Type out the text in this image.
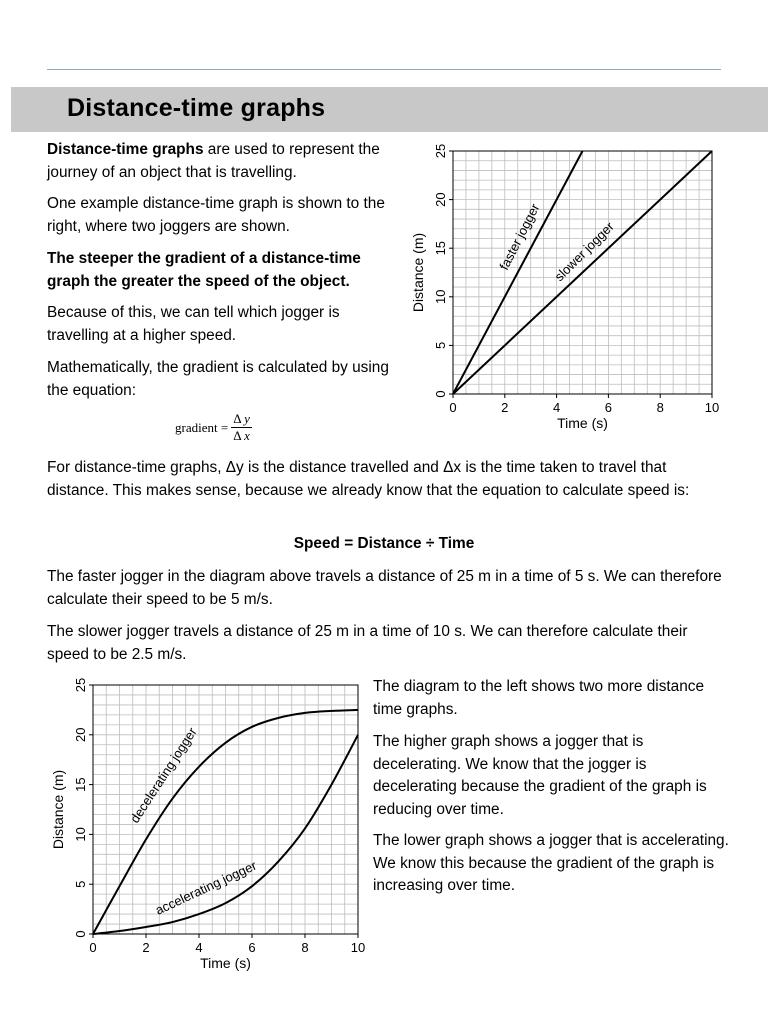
Distance-time graphs

Distance-time graphs are used to represent the journey of an object that is travelling.

One example distance-time graph is shown to the right, where two joggers are shown.

The steeper the gradient of a distance-time graph the greater the speed of the object.

Because of this, we can tell which jogger is travelling at a higher speed.

Mathematically, the gradient is calculated by using the equation:

gradient = $\frac{\text{Δ  y}}{\text{Δ  x}}$

For distance-time graphs, Δy is the distance travelled and Δx is the time taken to travel that distance. This makes sense, because we already know that the equation to calculate speed is:

Speed = Distance ÷ Time

The faster jogger in the diagram above travels a distance of 25 m in a time of 5 s. We can therefore calculate their speed to be 5 m/s.

The slower jogger travels a distance of 25 m in a time of 10 s. We can therefore calculate their speed to be 2.5 m/s.

The diagram to the left shows two more distance time graphs.

The higher graph shows a jogger that is decelerating. We know that the jogger is decelerating because the gradient of the graph is reducing over time.

The lower graph shows a jogger that is accelerating. We know this because the gradient of the graph is increasing over time.

0	2	4	6	8	10
0
5
10
15
20
25
Time (s)
Distance (m)	faster jogger slower jogger
0	2	4	6	8	10
0
5
10
15
20
25
Time (s)
Distance (m)	decelerating jogger
accelerating jogger
